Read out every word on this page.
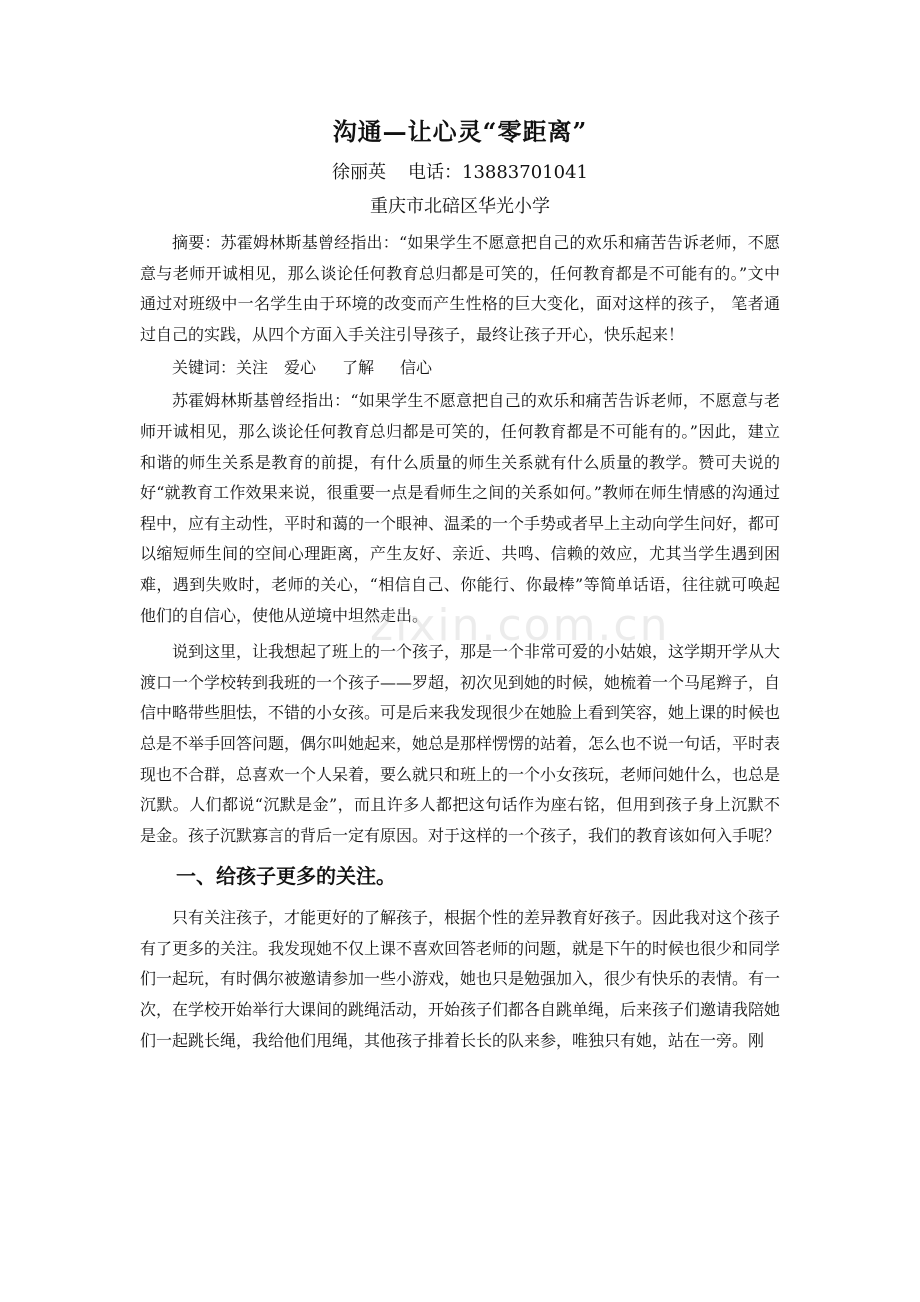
沟通—让心灵“零距离”

徐丽英 电话：13883701041

重庆市北碚区华光小学

摘要：苏霍姆林斯基曾经指出：“如果学生不愿意把自己的欢乐和痛苦告诉老师，不愿意与老师开诚相见，那么谈论任何教育总归都是可笑的，任何教育都是不可能有的。”文中通过对班级中一名学生由于环境的改变而产生性格的巨大变化，面对这样的孩子， 笔者通过自己的实践，从四个方面入手关注引导孩子，最终让孩子开心，快乐起来！

关键词：关注 爱心 了解 信心

苏霍姆林斯基曾经指出：“如果学生不愿意把自己的欢乐和痛苦告诉老师，不愿意与老师开诚相见，那么谈论任何教育总归都是可笑的，任何教育都是不可能有的。”因此，建立和谐的师生关系是教育的前提，有什么质量的师生关系就有什么质量的教学。赞可夫说的好“就教育工作效果来说，很重要一点是看师生之间的关系如何。”教师在师生情感的沟通过程中，应有主动性，平时和蔼的一个眼神、温柔的一个手势或者早上主动向学生问好，都可以缩短师生间的空间心理距离，产生友好、亲近、共鸣、信赖的效应，尤其当学生遇到困难，遇到失败时，老师的关心，“相信自己、你能行、你最棒”等简单话语，往往就可唤起他们的自信心，使他从逆境中坦然走出。

说到这里，让我想起了班上的一个孩子，那是一个非常可爱的小姑娘，这学期开学从大渡口一个学校转到我班的一个孩子——罗超，初次见到她的时候，她梳着一个马尾辫子，自信中略带些胆怯，不错的小女孩。可是后来我发现很少在她脸上看到笑容，她上课的时候也总是不举手回答问题，偶尔叫她起来，她总是那样愣愣的站着，怎么也不说一句话，平时表现也不合群，总喜欢一个人呆着，要么就只和班上的一个小女孩玩，老师问她什么，也总是沉默。人们都说“沉默是金”，而且许多人都把这句话作为座右铭，但用到孩子身上沉默不是金。孩子沉默寡言的背后一定有原因。对于这样的一个孩子，我们的教育该如何入手呢？

一、给孩子更多的关注。

只有关注孩子，才能更好的了解孩子，根据个性的差异教育好孩子。因此我对这个孩子有了更多的关注。我发现她不仅上课不喜欢回答老师的问题，就是下午的时候也很少和同学们一起玩，有时偶尔被邀请参加一些小游戏，她也只是勉强加入，很少有快乐的表情。有一次，在学校开始举行大课间的跳绳活动，开始孩子们都各自跳单绳，后来孩子们邀请我陪她们一起跳长绳，我给他们甩绳，其他孩子排着长长的队来参，唯独只有她，站在一旁。刚

zixin.com.cn
